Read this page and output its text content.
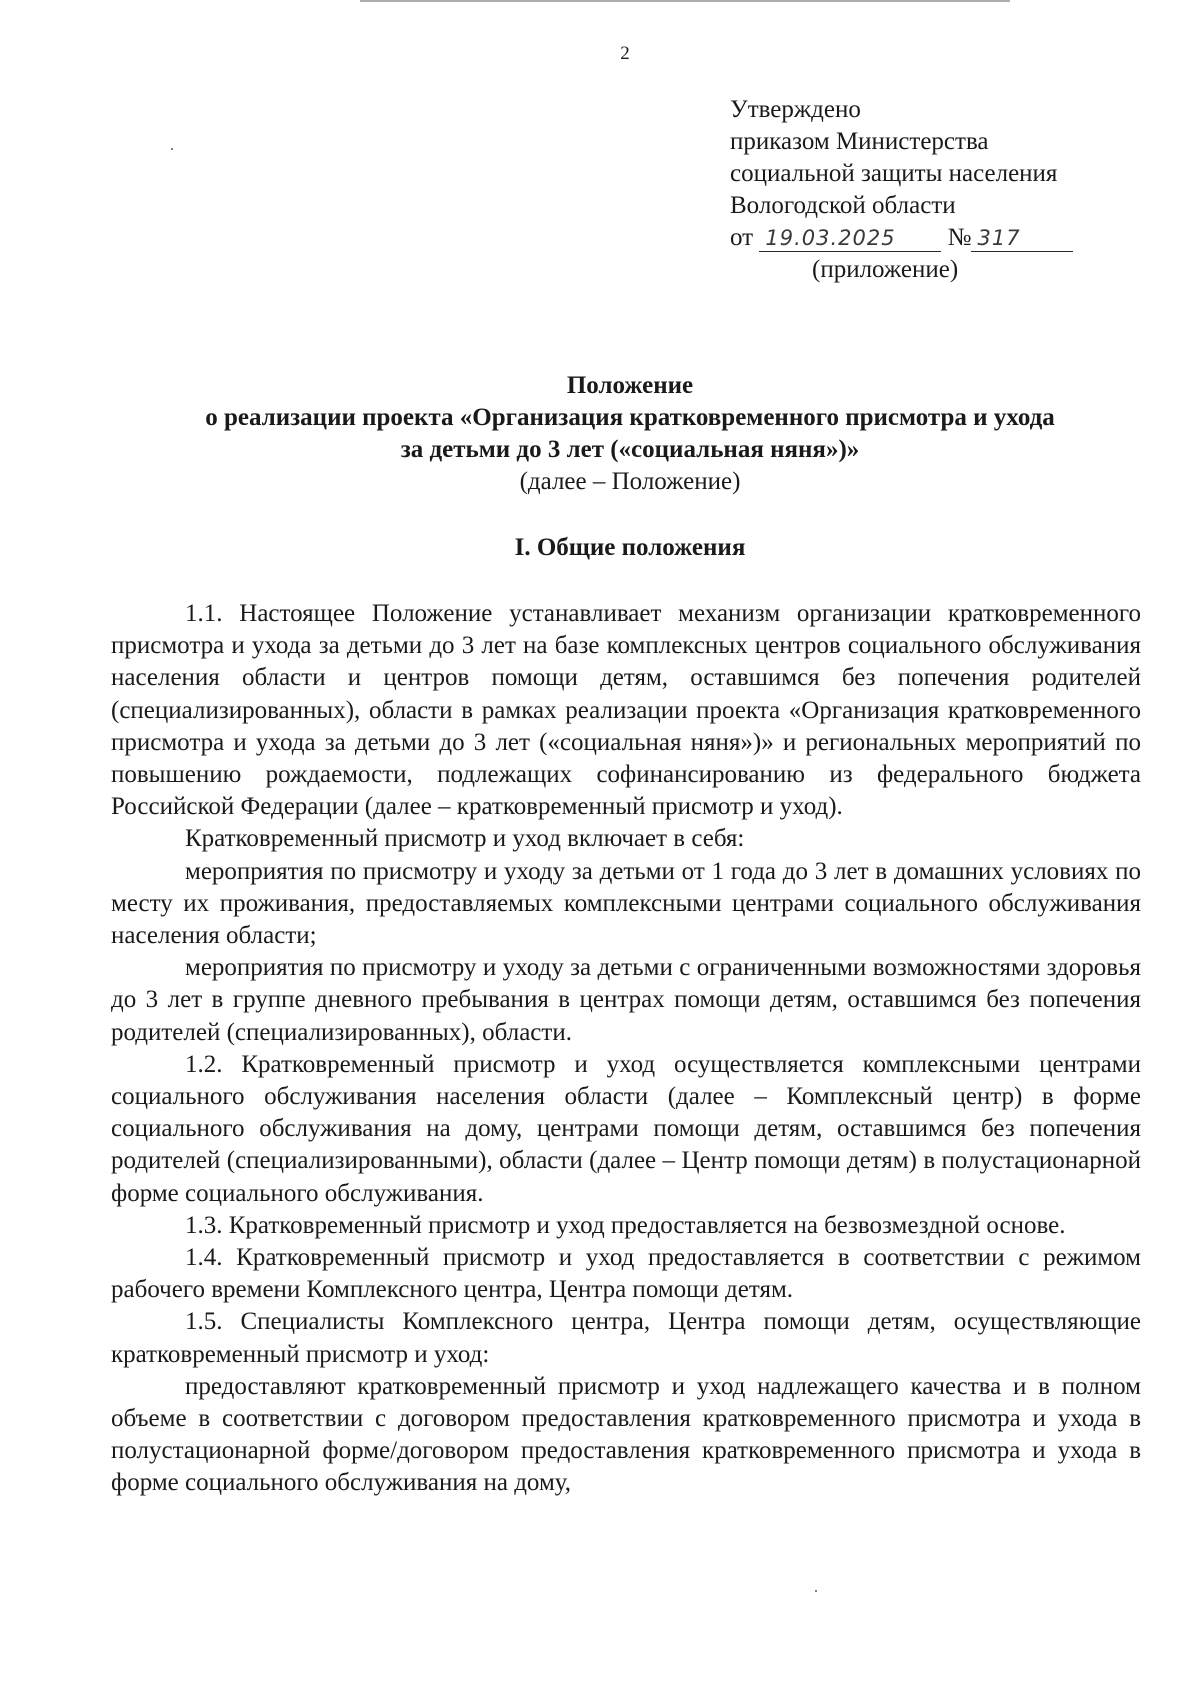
2
Утверждено
приказом Министерства
социальной защиты населения
Вологодской области
от 19.03.2025 № 317
(приложение)
Положение
о реализации проекта «Организация кратковременного присмотра и ухода
за детьми до 3 лет («социальная няня»)»
(далее – Положение)
I. Общие положения

1.1. Настоящее Положение устанавливает механизм организации кратковременного присмотра и ухода за детьми до 3 лет на базе комплексных центров социального обслуживания населения области и центров помощи детям, оставшимся без попечения родителей (специализированных), области в рамках реализации проекта «Организация кратковременного присмотра и ухода за детьми до 3 лет («социальная няня»)» и региональных мероприятий по повышению рождаемости, подлежащих софинансированию из федерального бюджета Российской Федерации (далее – кратковременный присмотр и уход).

Кратковременный присмотр и уход включает в себя:

мероприятия по присмотру и уходу за детьми от 1 года до 3 лет в домашних условиях по месту их проживания, предоставляемых комплексными центрами социального обслуживания населения области;

мероприятия по присмотру и уходу за детьми с ограниченными возможностями здоровья до 3 лет в группе дневного пребывания в центрах помощи детям, оставшимся без попечения родителей (специализированных), области.

1.2. Кратковременный присмотр и уход осуществляется комплексными центрами социального обслуживания населения области (далее – Комплексный центр) в форме социального обслуживания на дому, центрами помощи детям, оставшимся без попечения родителей (специализированными), области (далее – Центр помощи детям) в полустационарной форме социального обслуживания.

1.3. Кратковременный присмотр и уход предоставляется на безвозмездной основе.

1.4. Кратковременный присмотр и уход предоставляется в соответствии с режимом рабочего времени Комплексного центра, Центра помощи детям.

1.5. Специалисты Комплексного центра, Центра помощи детям, осуществляющие кратковременный присмотр и уход:

предоставляют кратковременный присмотр и уход надлежащего качества и в полном объеме в соответствии с договором предоставления кратковременного присмотра и ухода в полустационарной форме/договором предоставления кратковременного присмотра и ухода в форме социального обслуживания на дому,
